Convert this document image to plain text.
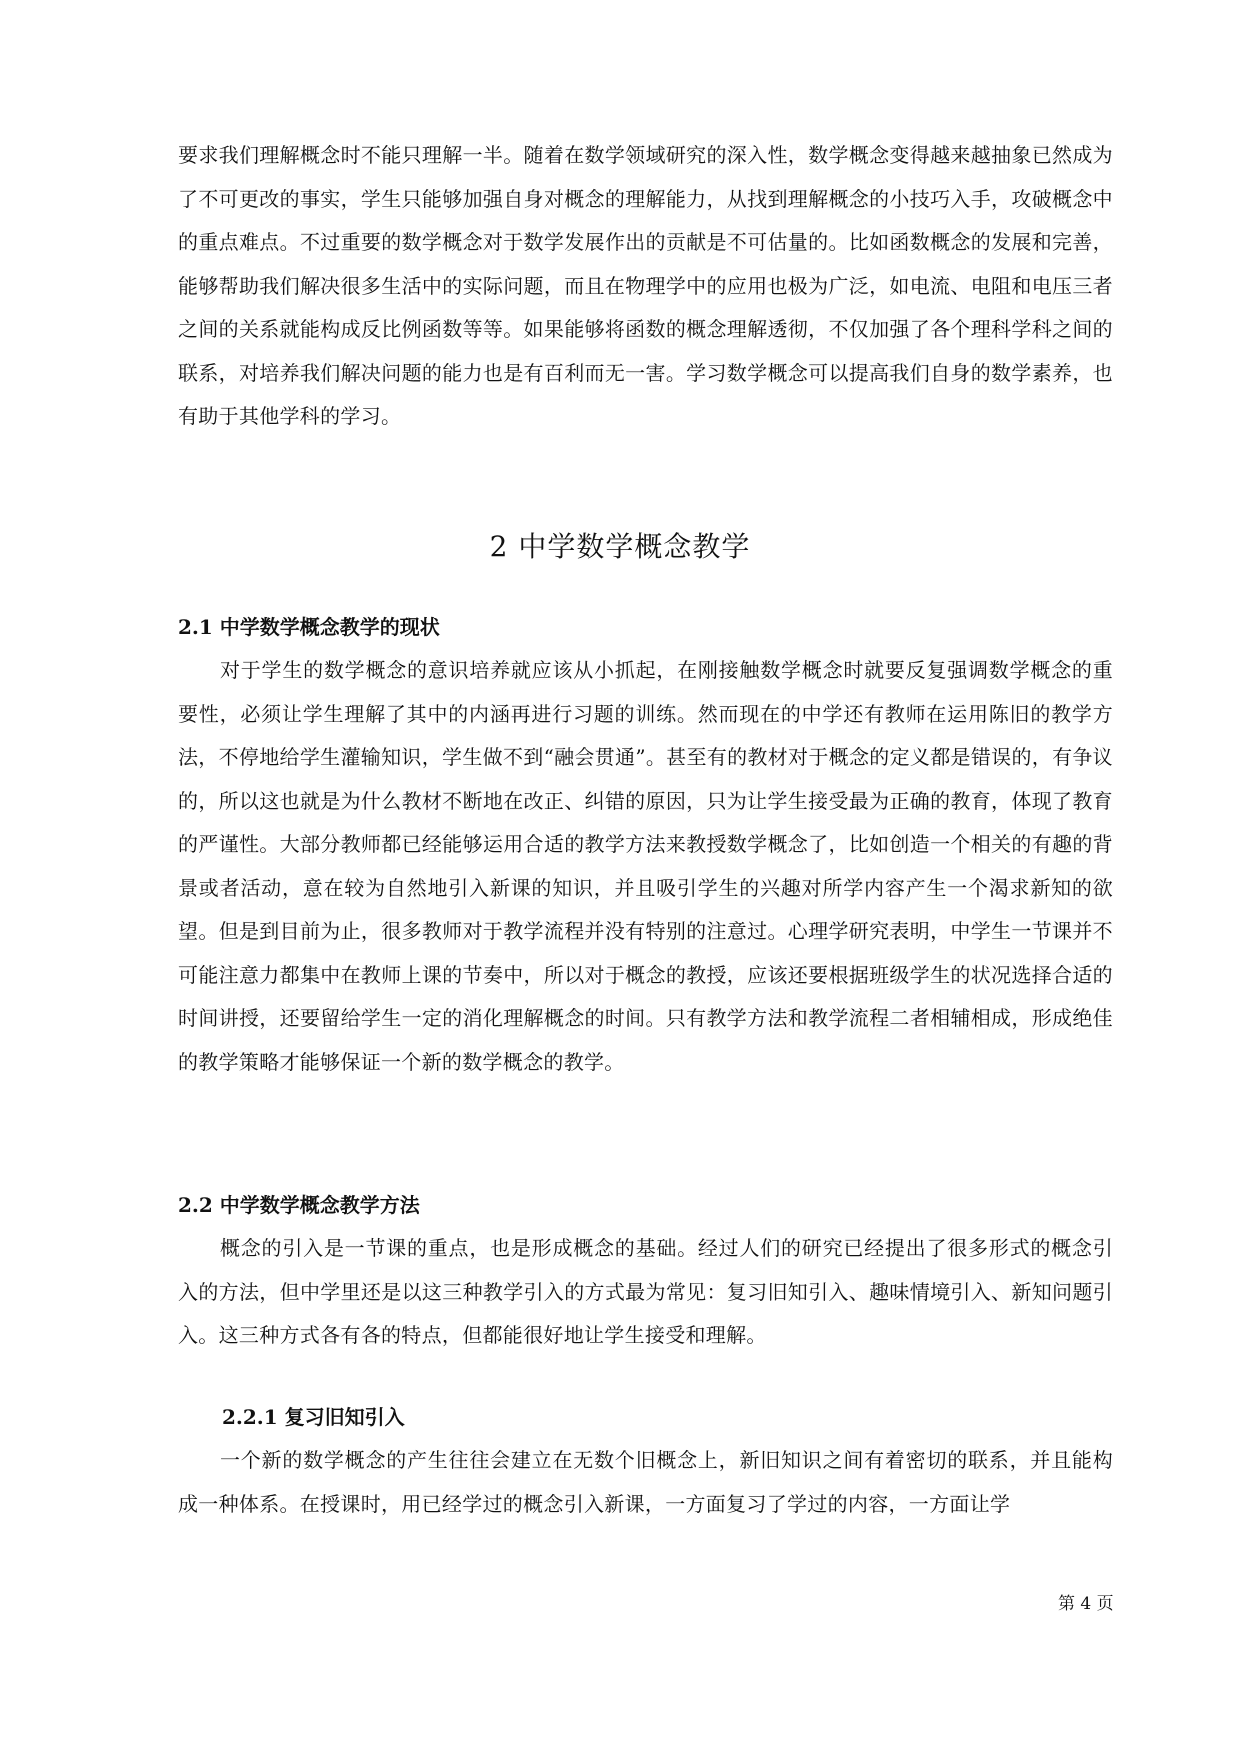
要求我们理解概念时不能只理解一半。随着在数学领域研究的深入性，数学概念变得越来越抽象已然成为了不可更改的事实，学生只能够加强自身对概念的理解能力，从找到理解概念的小技巧入手，攻破概念中的重点难点。不过重要的数学概念对于数学发展作出的贡献是不可估量的。比如函数概念的发展和完善，能够帮助我们解决很多生活中的实际问题，而且在物理学中的应用也极为广泛，如电流、电阻和电压三者之间的关系就能构成反比例函数等等。如果能够将函数的概念理解透彻，不仅加强了各个理科学科之间的联系，对培养我们解决问题的能力也是有百利而无一害。学习数学概念可以提高我们自身的数学素养，也有助于其他学科的学习。

2 中学数学概念教学
2.1 中学数学概念教学的现状

对于学生的数学概念的意识培养就应该从小抓起，在刚接触数学概念时就要反复强调数学概念的重要性，必须让学生理解了其中的内涵再进行习题的训练。然而现在的中学还有教师在运用陈旧的教学方法，不停地给学生灌输知识，学生做不到“融会贯通”。甚至有的教材对于概念的定义都是错误的，有争议的，所以这也就是为什么教材不断地在改正、纠错的原因，只为让学生接受最为正确的教育，体现了教育的严谨性。大部分教师都已经能够运用合适的教学方法来教授数学概念了，比如创造一个相关的有趣的背景或者活动，意在较为自然地引入新课的知识，并且吸引学生的兴趣对所学内容产生一个渴求新知的欲望。但是到目前为止，很多教师对于教学流程并没有特别的注意过。心理学研究表明，中学生一节课并不可能注意力都集中在教师上课的节奏中，所以对于概念的教授，应该还要根据班级学生的状况选择合适的时间讲授，还要留给学生一定的消化理解概念的时间。只有教学方法和教学流程二者相辅相成，形成绝佳的教学策略才能够保证一个新的数学概念的教学。

2.2 中学数学概念教学方法

概念的引入是一节课的重点，也是形成概念的基础。经过人们的研究已经提出了很多形式的概念引入的方法，但中学里还是以这三种教学引入的方式最为常见：复习旧知引入、趣味情境引入、新知问题引入。这三种方式各有各的特点，但都能很好地让学生接受和理解。

2.2.1 复习旧知引入

一个新的数学概念的产生往往会建立在无数个旧概念上，新旧知识之间有着密切的联系，并且能构成一种体系。在授课时，用已经学过的概念引入新课，一方面复习了学过的内容，一方面让学

第 4 页
